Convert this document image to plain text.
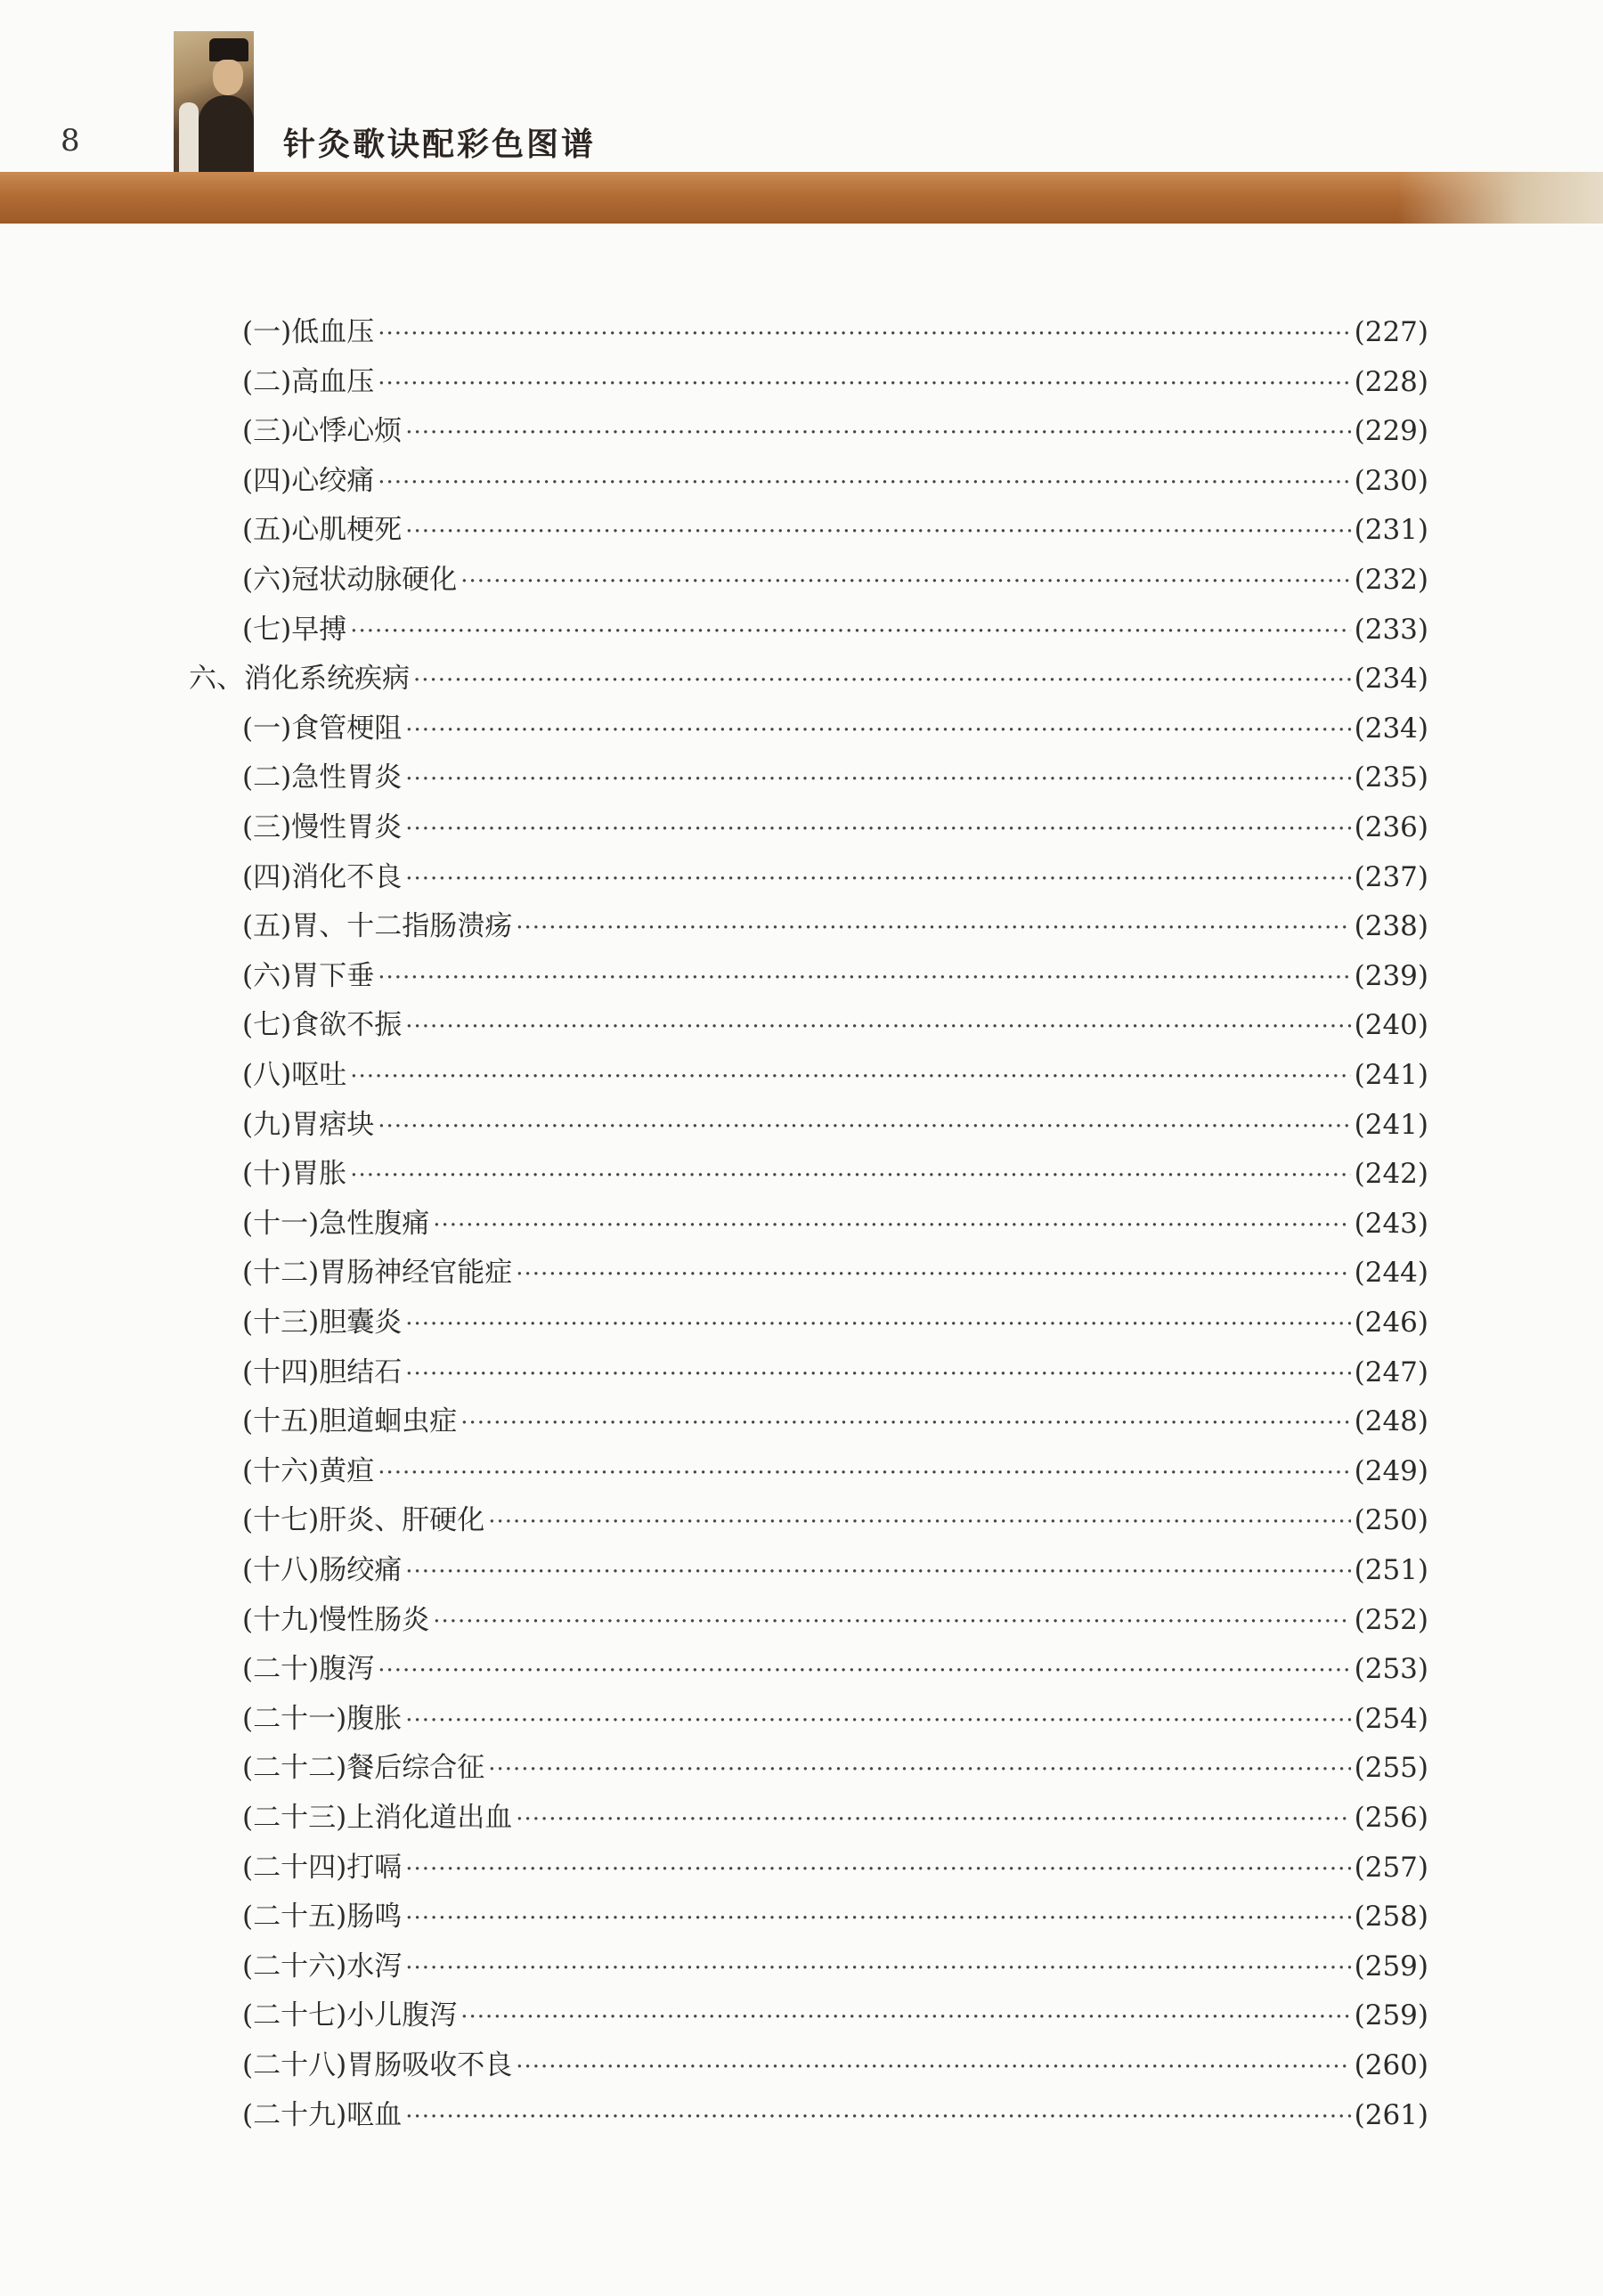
8	针灸歌诀配彩色图谱
(一)低血压 ·····	(227)
(二)高血压 ·····	(228)
(三)心悸心烦 ·····	(229)
(四)心绞痛 ·····	(230)
(五)心肌梗死 ·····	(231)
(六)冠状动脉硬化 ·····	(232)
(七)早搏 ·····	(233)
六、消化系统疾病 ·····	(234)
(一)食管梗阻 ·····	(234)
(二)急性胃炎 ·····	(235)
(三)慢性胃炎 ·····	(236)
(四)消化不良 ·····	(237)
(五)胃、十二指肠溃疡 ·····	(238)
(六)胃下垂 ·····	(239)
(七)食欲不振 ·····	(240)
(八)呕吐 ·····	(241)
(九)胃痞块 ·····	(241)
(十)胃胀 ·····	(242)
(十一)急性腹痛 ·····	(243)
(十二)胃肠神经官能症 ·····	(244)
(十三)胆囊炎 ·····	(246)
(十四)胆结石 ·····	(247)
(十五)胆道蛔虫症 ·····	(248)
(十六)黄疸 ·····	(249)
(十七)肝炎、肝硬化 ·····	(250)
(十八)肠绞痛 ·····	(251)
(十九)慢性肠炎 ·····	(252)
(二十)腹泻 ·····	(253)
(二十一)腹胀 ·····	(254)
(二十二)餐后综合征 ·····	(255)
(二十三)上消化道出血 ·····	(256)
(二十四)打嗝 ·····	(257)
(二十五)肠鸣 ·····	(258)
(二十六)水泻 ·····	(259)
(二十七)小儿腹泻 ·····	(259)
(二十八)胃肠吸收不良 ·····	(260)
(二十九)呕血 ·····	(261)
